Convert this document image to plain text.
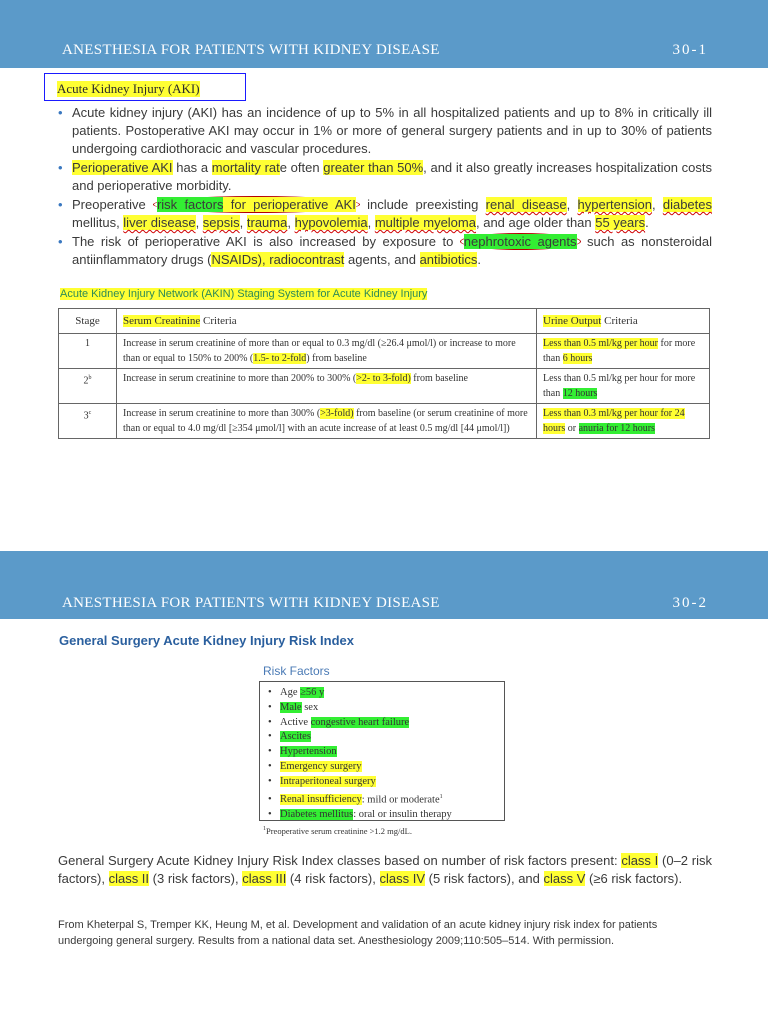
ANESTHESIA FOR PATIENTS WITH KIDNEY DISEASE	30-1
Acute Kidney Injury (AKI)
• Acute kidney injury (AKI) has an incidence of up to 5% in all hospitalized patients and up to 8% in critically ill patients. Postoperative AKI may occur in 1% or more of general surgery patients and in up to 30% of patients undergoing cardiothoracic and vascular procedures.
• Perioperative AKI has a mortality rate often greater than 50%, and it also greatly increases hospitalization costs and perioperative morbidity.
• Preoperative risk factors for perioperative AKI include preexisting renal disease, hypertension, diabetes mellitus, liver disease, sepsis, trauma, hypovolemia, multiple myeloma, and age older than 55 years.
• The risk of perioperative AKI is also increased by exposure to nephrotoxic agents such as nonsteroidal antiinflammatory drugs (NSAIDs), radiocontrast agents, and antibiotics.
Acute Kidney Injury Network (AKIN) Staging System for Acute Kidney Injury
Stage	Serum Creatinine Criteria	Urine Output Criteria
1	Increase in serum creatinine of more than or equal to 0.3 mg/dl (≥26.4 μmol/l) or increase to more than or equal to 150% to 200% (1.5- to 2-fold) from baseline	Less than 0.5 ml/kg per hour for more than 6 hours
2$^b$	Increase in serum creatinine to more than 200% to 300% (>2- to 3-fold) from baseline	Less than 0.5 ml/kg per hour for more than 12 hours
3$^c$	Increase in serum creatinine to more than 300% (>3-fold) from baseline (or serum creatinine of more than or equal to 4.0 mg/dl [≥354 μmol/l] with an acute increase of at least 0.5 mg/dl [44 μmol/l])	Less than 0.3 ml/kg per hour for 24 hours or anuria for 12 hours
ANESTHESIA FOR PATIENTS WITH KIDNEY DISEASE	30-2
General Surgery Acute Kidney Injury Risk Index
Risk Factors
• Age ≥56 y
• Male sex
• Active congestive heart failure
• Ascites
• Hypertension
• Emergency surgery
• Intraperitoneal surgery
• Renal insufficiency: mild or moderate$^1$
• Diabetes mellitus: oral or insulin therapy
$^1$Preoperative serum creatinine >1.2 mg/dL.
General Surgery Acute Kidney Injury Risk Index classes based on number of risk factors present: class I (0–2 risk factors), class II (3 risk factors), class III (4 risk factors), class IV (5 risk factors), and class V (≥6 risk factors).
From Kheterpal S, Tremper KK, Heung M, et al. Development and validation of an acute kidney injury risk index for patients undergoing general surgery. Results from a national data set. Anesthesiology 2009;110:505–514. With permission.
